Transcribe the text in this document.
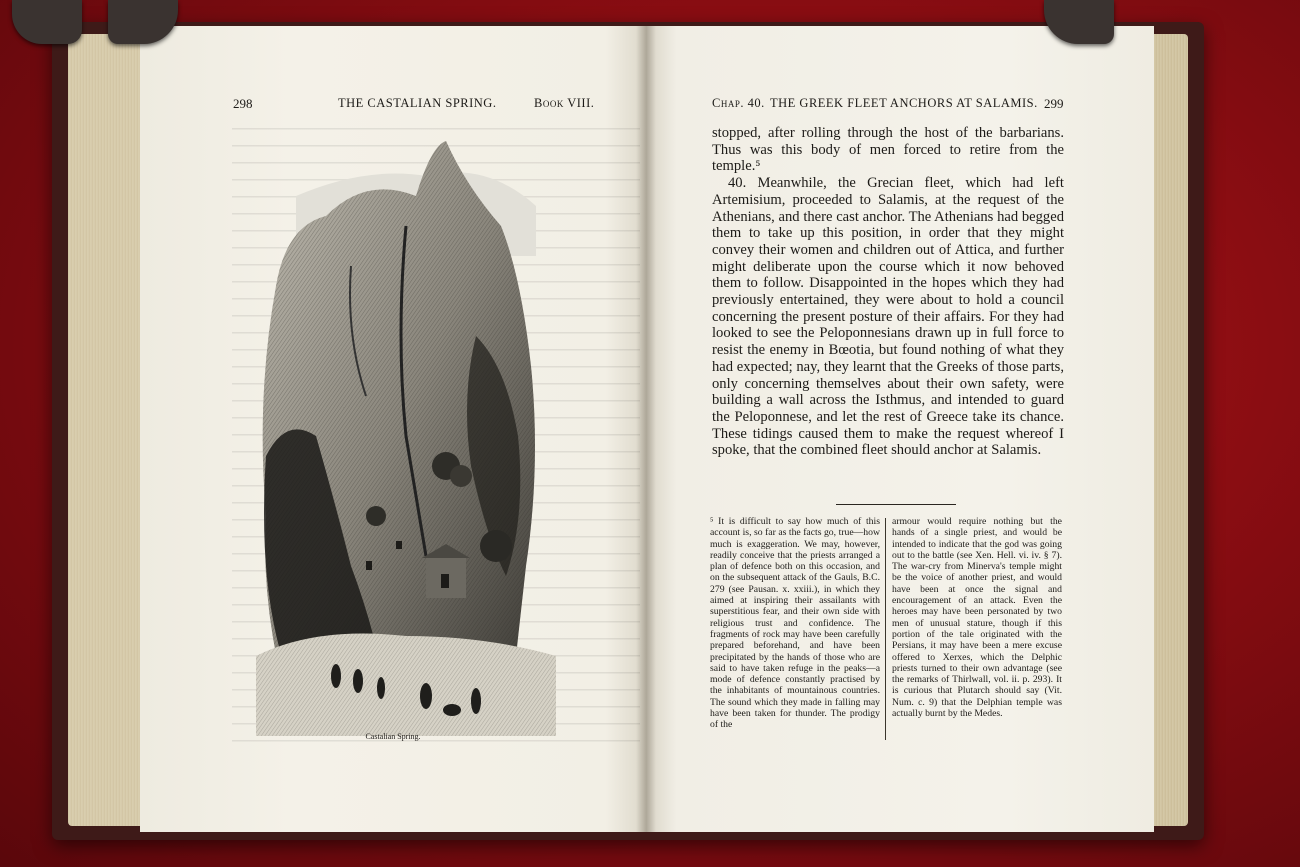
298	THE CASTALIAN SPRING.	Book VIII.
Castalian Spring.
Chap. 40. THE GREEK FLEET ANCHORS AT SALAMIS. 299

stopped, after rolling through the host of the barbarians. Thus was this body of men forced to retire from the temple.⁵

40. Meanwhile, the Grecian fleet, which had left Artemisium, proceeded to Salamis, at the request of the Athenians, and there cast anchor. The Athenians had begged them to take up this position, in order that they might convey their women and children out of Attica, and further might deliberate upon the course which it now behoved them to follow. Disappointed in the hopes which they had previously entertained, they were about to hold a council concerning the present posture of their affairs. For they had looked to see the Peloponnesians drawn up in full force to resist the enemy in Bœotia, but found nothing of what they had expected; nay, they learnt that the Greeks of those parts, only concerning themselves about their own safety, were building a wall across the Isthmus, and intended to guard the Peloponnese, and let the rest of Greece take its chance. These tidings caused them to make the request whereof I spoke, that the combined fleet should anchor at Salamis.

⁵ It is difficult to say how much of this account is, so far as the facts go, true—how much is exaggeration. We may, however, readily conceive that the priests arranged a plan of defence both on this occasion, and on the subsequent attack of the Gauls, B.C. 279 (see Pausan. x. xxiii.), in which they aimed at inspiring their assailants with superstitious fear, and their own side with religious trust and confidence. The fragments of rock may have been carefully prepared beforehand, and have been precipitated by the hands of those who are said to have taken refuge in the peaks—a mode of defence constantly practised by the inhabitants of mountainous countries. The sound which they made in falling may have been taken for thunder. The prodigy of the
armour would require nothing but the hands of a single priest, and would be intended to indicate that the god was going out to the battle (see Xen. Hell. vi. iv. § 7). The war-cry from Minerva's temple might be the voice of another priest, and would have been at once the signal and encouragement of an attack. Even the heroes may have been personated by two men of unusual stature, though if this portion of the tale originated with the Persians, it may have been a mere excuse offered to Xerxes, which the Delphic priests turned to their own advantage (see the remarks of Thirlwall, vol. ii. p. 293). It is curious that Plutarch should say (Vit. Num. c. 9) that the Delphian temple was actually burnt by the Medes.
